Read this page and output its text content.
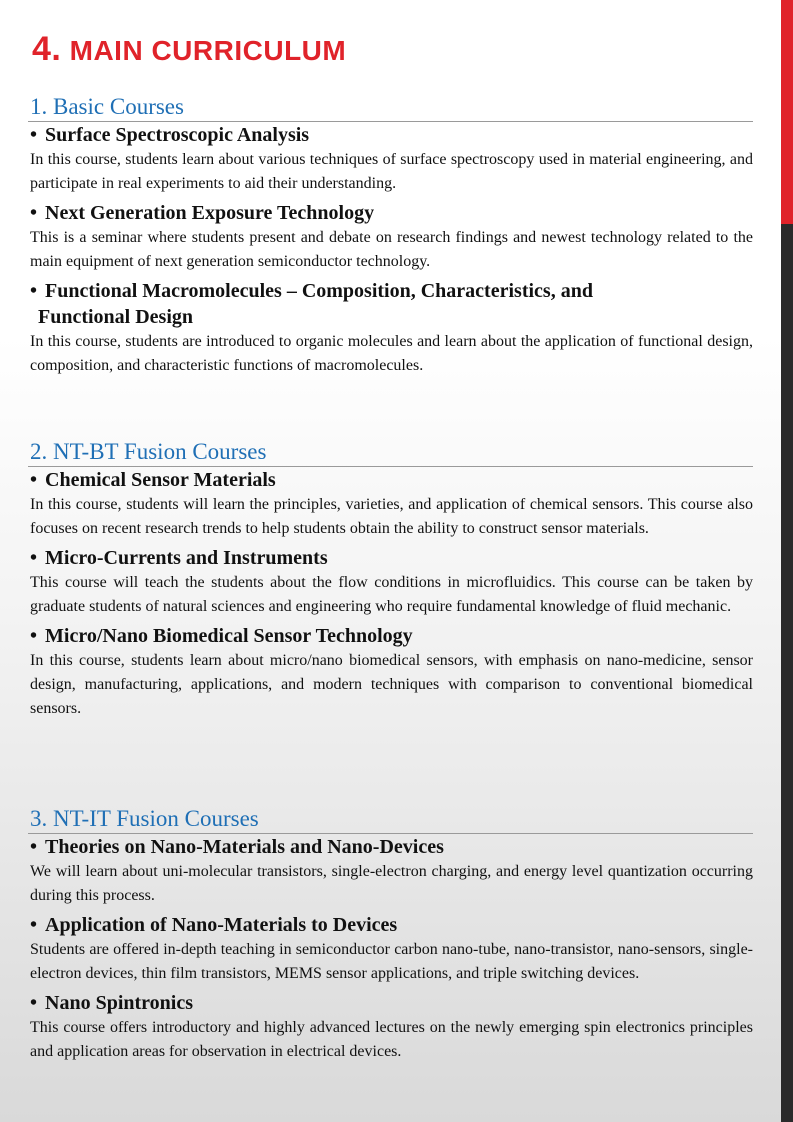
4. MAIN CURRICULUM
1. Basic Courses

• Surface Spectroscopic Analysis

In this course, students learn about various techniques of surface spectroscopy used in material engineering, and participate in real experiments to aid their understanding.

• Next Generation Exposure Technology

This is a seminar where students present and debate on research findings and newest technology related to the main equipment of next generation semiconductor technology.

• Functional Macromolecules – Composition, Characteristics, and
Functional Design

In this course, students are introduced to organic molecules and learn about the application of functional design, composition, and characteristic functions of macromolecules.

2. NT-BT Fusion Courses

• Chemical Sensor Materials

In this course, students will learn the principles, varieties, and application of chemical sensors. This course also focuses on recent research trends to help students obtain the ability to construct sensor materials.

• Micro-Currents and Instruments

This course will teach the students about the flow conditions in microfluidics. This course can be taken by graduate students of natural sciences and engineering who require fundamental knowledge of fluid mechanic.

• Micro/Nano Biomedical Sensor Technology

In this course, students learn about micro/nano biomedical sensors, with emphasis on nano-medicine, sensor design, manufacturing, applications, and modern techniques with comparison to conventional biomedical sensors.

3. NT-IT Fusion Courses

• Theories on Nano-Materials and Nano-Devices

We will learn about uni-molecular transistors, single-electron charging, and energy level quantization occurring during this process.

• Application of Nano-Materials to Devices

Students are offered in-depth teaching in semiconductor carbon nano-tube, nano-transistor, nano-sensors, single-electron devices, thin film transistors, MEMS sensor applications, and triple switching devices.

• Nano Spintronics

This course offers introductory and highly advanced lectures on the newly emerging spin electronics principles and application areas for observation in electrical devices.
